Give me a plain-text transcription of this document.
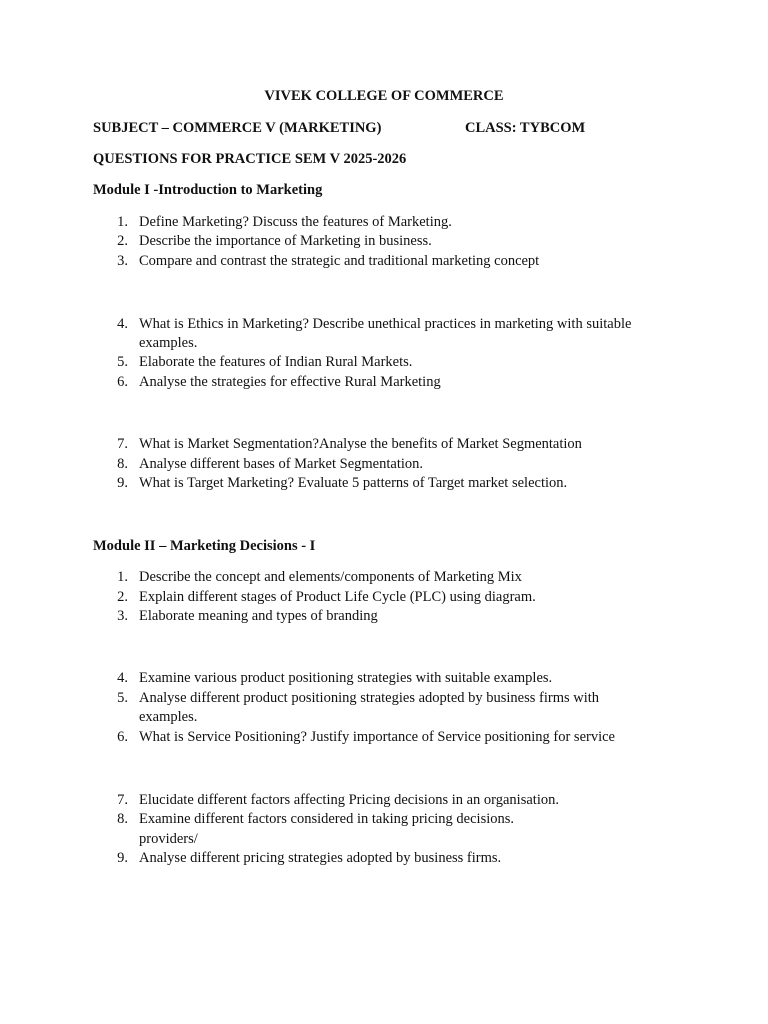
VIVEK COLLEGE OF COMMERCE
SUBJECT – COMMERCE V (MARKETING)	CLASS: TYBCOM
QUESTIONS FOR PRACTICE SEM V 2025-2026
Module I -Introduction to Marketing
1. Define Marketing? Discuss the features of Marketing.
2. Describe the importance of Marketing in business.
3. Compare and contrast the strategic and traditional marketing concept
4. What is Ethics in Marketing? Describe unethical practices in marketing with suitable
examples.
5. Elaborate the features of Indian Rural Markets.
6. Analyse the strategies for effective Rural Marketing
7. What is Market Segmentation?Analyse the benefits of Market Segmentation
8. Analyse different bases of Market Segmentation.
9. What is Target Marketing? Evaluate 5 patterns of Target market selection.
Module II – Marketing Decisions - I
1. Describe the concept and elements/components of Marketing Mix
2. Explain different stages of Product Life Cycle (PLC) using diagram.
3. Elaborate meaning and types of branding
4. Examine various product positioning strategies with suitable examples.
5. Analyse different product positioning strategies adopted by business firms with
examples.
6. What is Service Positioning? Justify importance of Service positioning for service
7. Elucidate different factors affecting Pricing decisions in an organisation.
8. Examine different factors considered in taking pricing decisions.
providers/
9. Analyse different pricing strategies adopted by business firms.
